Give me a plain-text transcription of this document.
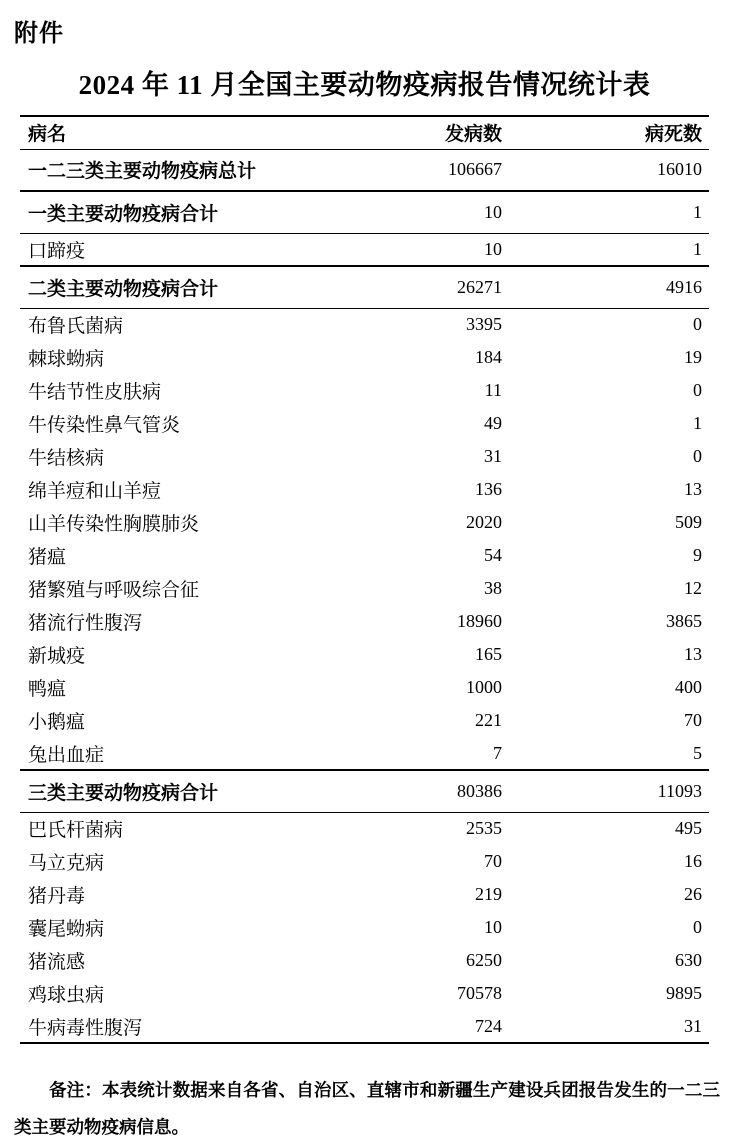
附件
2024 年 11 月全国主要动物疫病报告情况统计表
病名	发病数	病死数
一二三类主要动物疫病总计	106667	16010
一类主要动物疫病合计	10	1
口蹄疫	10	1
二类主要动物疫病合计	26271	4916
布鲁氏菌病	3395	0
棘球蚴病	184	19
牛结节性皮肤病	11	0
牛传染性鼻气管炎	49	1
牛结核病	31	0
绵羊痘和山羊痘	136	13
山羊传染性胸膜肺炎	2020	509
猪瘟	54	9
猪繁殖与呼吸综合征	38	12
猪流行性腹泻	18960	3865
新城疫	165	13
鸭瘟	1000	400
小鹅瘟	221	70
兔出血症	7	5
三类主要动物疫病合计	80386	11093
巴氏杆菌病	2535	495
马立克病	70	16
猪丹毒	219	26
囊尾蚴病	10	0
猪流感	6250	630
鸡球虫病	70578	9895
牛病毒性腹泻	724	31
备注：本表统计数据来自各省、自治区、直辖市和新疆生产建设兵团报告发生的一二三类主要动物疫病信息。
